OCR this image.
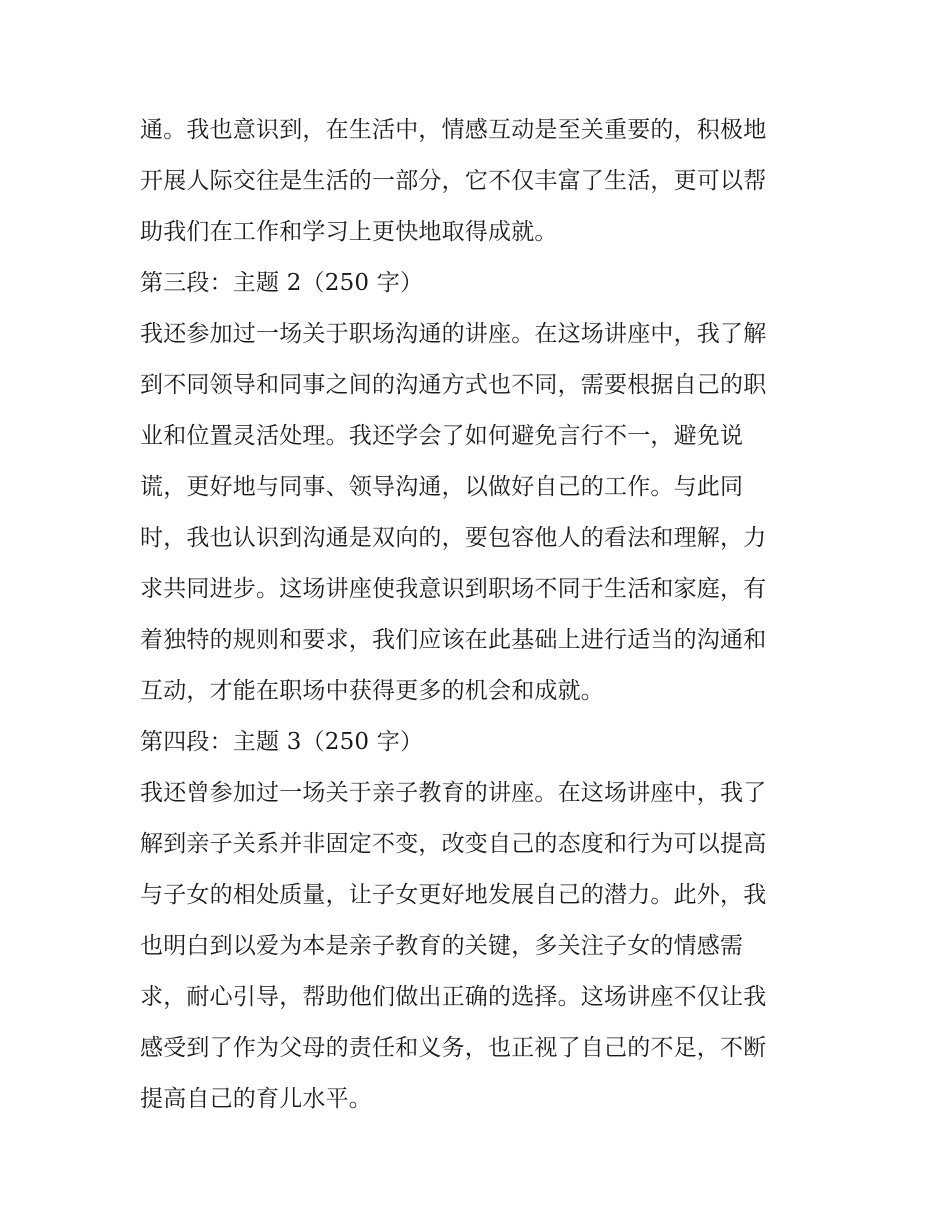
通。我也意识到，在生活中，情感互动是至关重要的，积极地
开展人际交往是生活的一部分，它不仅丰富了生活，更可以帮
助我们在工作和学习上更快地取得成就。
第三段：主题 2（250 字）
我还参加过一场关于职场沟通的讲座。在这场讲座中，我了解
到不同领导和同事之间的沟通方式也不同，需要根据自己的职
业和位置灵活处理。我还学会了如何避免言行不一，避免说
谎，更好地与同事、领导沟通，以做好自己的工作。与此同
时，我也认识到沟通是双向的，要包容他人的看法和理解，力
求共同进步。这场讲座使我意识到职场不同于生活和家庭，有
着独特的规则和要求，我们应该在此基础上进行适当的沟通和
互动，才能在职场中获得更多的机会和成就。
第四段：主题 3（250 字）
我还曾参加过一场关于亲子教育的讲座。在这场讲座中，我了
解到亲子关系并非固定不变，改变自己的态度和行为可以提高
与子女的相处质量，让子女更好地发展自己的潜力。此外，我
也明白到以爱为本是亲子教育的关键，多关注子女的情感需
求，耐心引导，帮助他们做出正确的选择。这场讲座不仅让我
感受到了作为父母的责任和义务，也正视了自己的不足，不断
提高自己的育儿水平。
